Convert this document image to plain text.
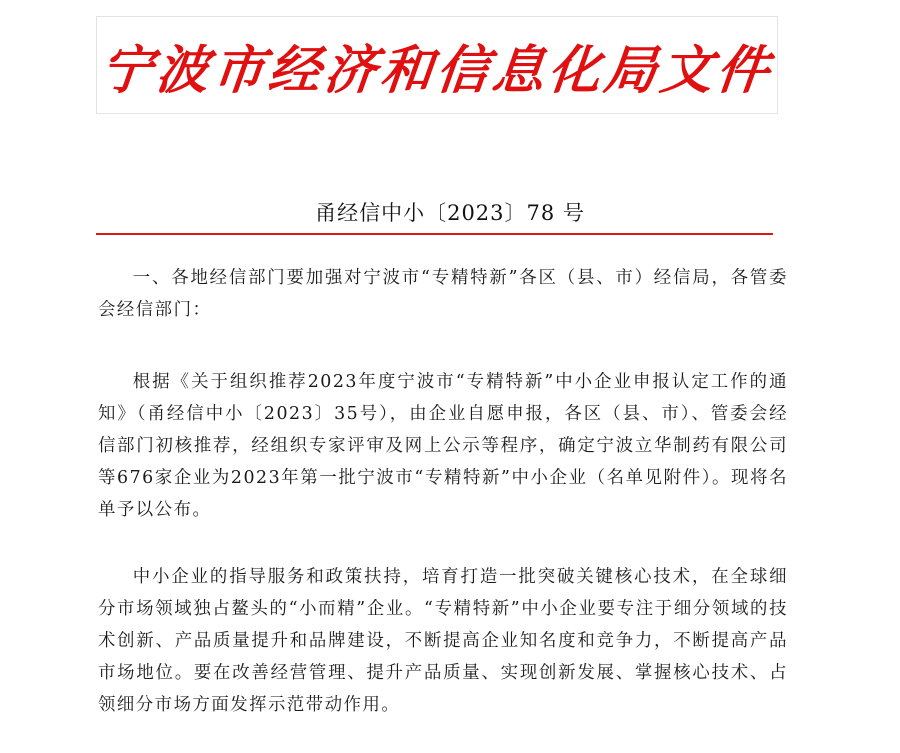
宁波市经济和信息化局文件
甬经信中小〔2023〕78 号

一、各地经信部门要加强对宁波市“专精特新”各区（县、市）经信局，各管委会经信部门：

根据《关于组织推荐2023年度宁波市“专精特新”中小企业申报认定工作的通知》（甬经信中小〔2023〕35号），由企业自愿申报，各区（县、市）、管委会经信部门初核推荐，经组织专家评审及网上公示等程序，确定宁波立华制药有限公司等676家企业为2023年第一批宁波市“专精特新”中小企业（名单见附件）。现将名单予以公布。

中小企业的指导服务和政策扶持，培育打造一批突破关键核心技术，在全球细分市场领域独占鳌头的“小而精”企业。“专精特新”中小企业要专注于细分领域的技术创新、产品质量提升和品牌建设，不断提高企业知名度和竞争力，不断提高产品市场地位。要在改善经营管理、提升产品质量、实现创新发展、掌握核心技术、占领细分市场方面发挥示范带动作用。
